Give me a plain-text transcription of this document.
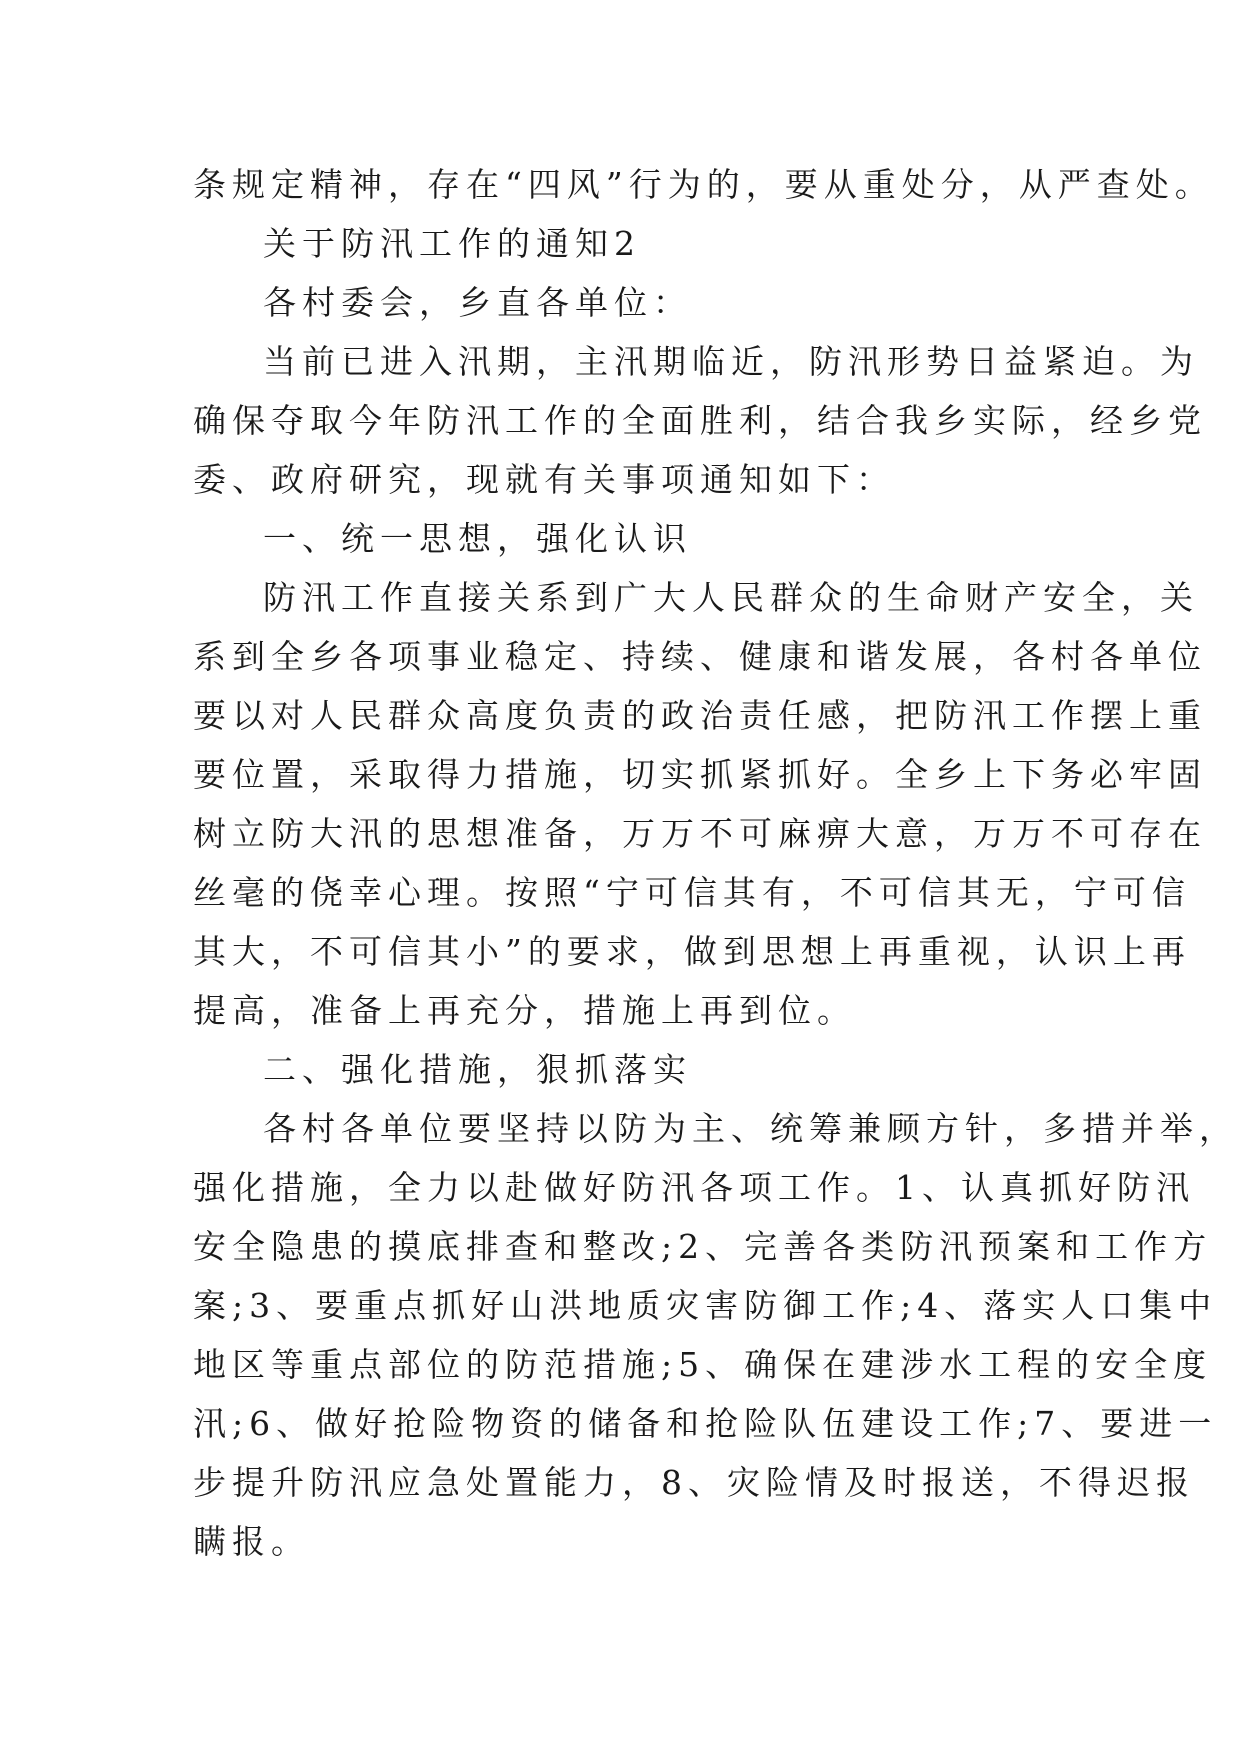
条规定精神，存在“四风”行为的，要从重处分，从严查处。
关于防汛工作的通知2
各村委会，乡直各单位：
当前已进入汛期，主汛期临近，防汛形势日益紧迫。为
确保夺取今年防汛工作的全面胜利，结合我乡实际，经乡党
委、政府研究，现就有关事项通知如下：
一、统一思想，强化认识
防汛工作直接关系到广大人民群众的生命财产安全，关
系到全乡各项事业稳定、持续、健康和谐发展，各村各单位
要以对人民群众高度负责的政治责任感，把防汛工作摆上重
要位置，采取得力措施，切实抓紧抓好。全乡上下务必牢固
树立防大汛的思想准备，万万不可麻痹大意，万万不可存在
丝毫的侥幸心理。按照“宁可信其有，不可信其无，宁可信
其大，不可信其小”的要求，做到思想上再重视，认识上再
提高，准备上再充分，措施上再到位。
二、强化措施，狠抓落实
各村各单位要坚持以防为主、统筹兼顾方针，多措并举，
强化措施，全力以赴做好防汛各项工作。1、认真抓好防汛
安全隐患的摸底排查和整改;2、完善各类防汛预案和工作方
案;3、要重点抓好山洪地质灾害防御工作;4、落实人口集中
地区等重点部位的防范措施;5、确保在建涉水工程的安全度
汛;6、做好抢险物资的储备和抢险队伍建设工作;7、要进一
步提升防汛应急处置能力，8、灾险情及时报送，不得迟报
瞒报。
